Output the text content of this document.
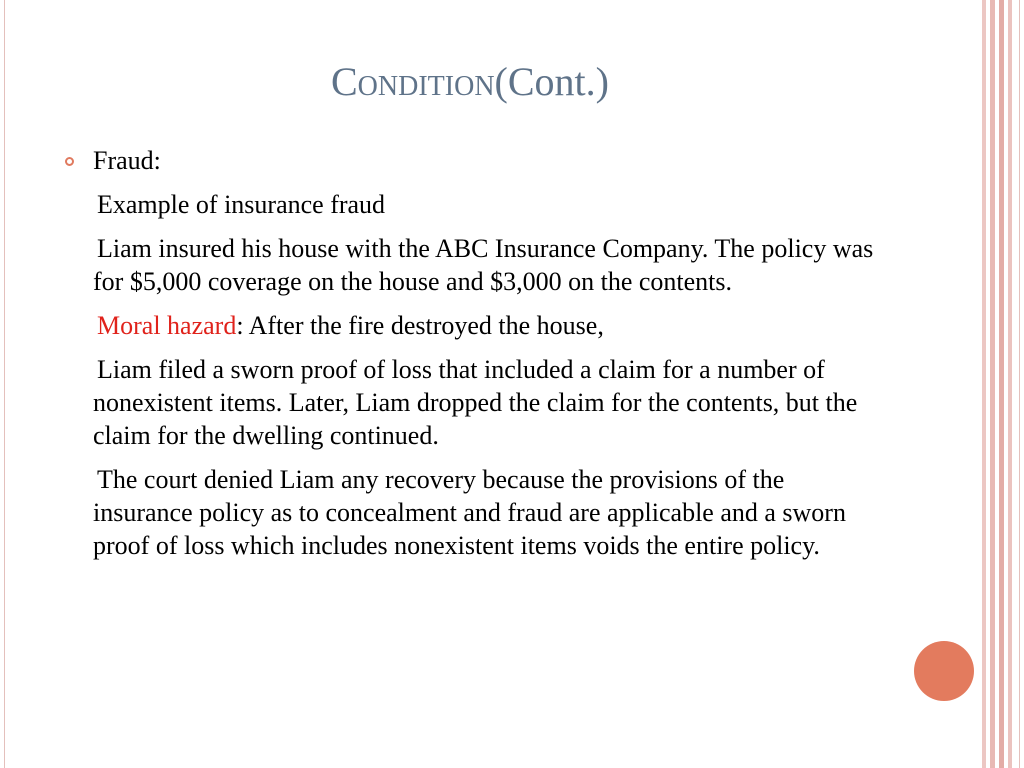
Condition(Cont.)
Fraud:
Example of insurance fraud
Liam insured his house with the ABC Insurance Company. The policy was for $5,000 coverage on the house and $3,000 on the contents.
Moral hazard: After the fire destroyed the house,
Liam filed a sworn proof of loss that included a claim for a number of nonexistent items. Later, Liam dropped the claim for the contents, but the claim for the dwelling continued.
The court denied Liam any recovery because the provisions of the insurance policy as to concealment and fraud are applicable and a sworn proof of loss which includes nonexistent items voids the entire policy.
